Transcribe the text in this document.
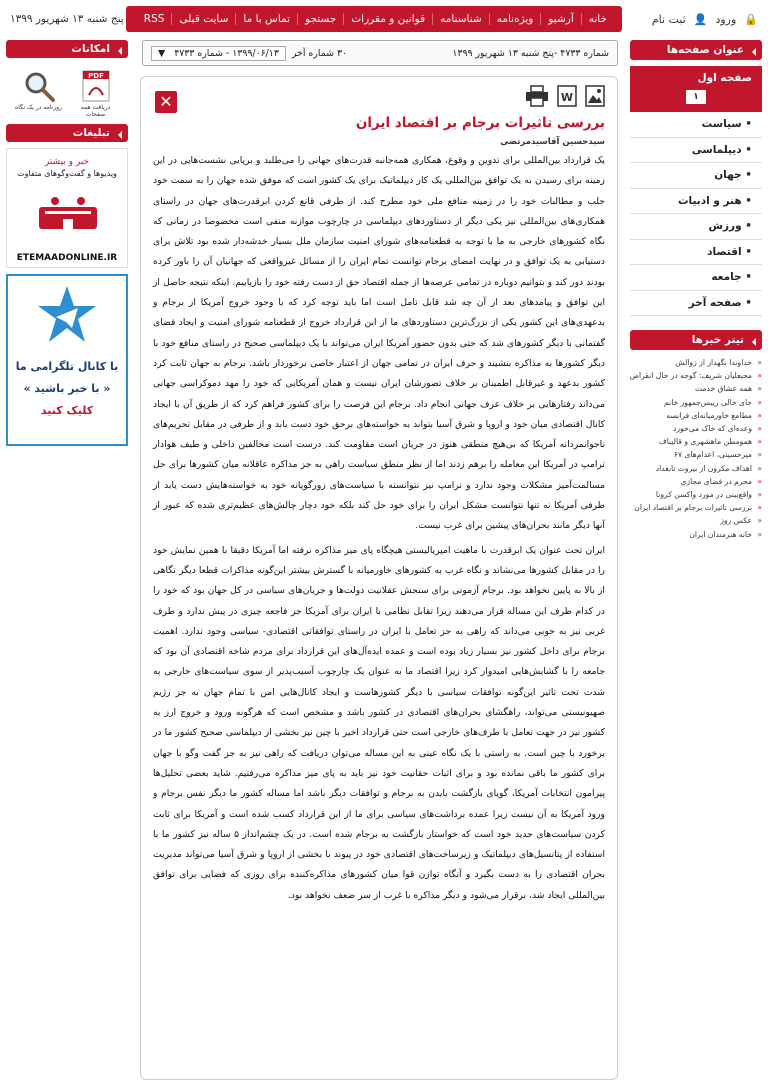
🔒
ورود
👤
ثبت نام
خانه
آرشیو
ویژه‌نامه
شناسنامه
قوانین و مقررات
جستجو
تماس با ما
سایت قبلی
RSS
پنج شنبه ۱۳ شهریور ۱۳۹۹
عنوان صفحه‌ها
صفحه اول
۱
• سیاست
• دیپلماسی
• جهان
• هنر و ادبیات
• ورزش
• اقتصاد
• جامعه
• صفحه آخر
تیتر خبرها
« خداوندا نگهدار از زوالش
« محبعلیان شریف: گوجه در حال انقراض
« همه عشاق خدمت
« جای خالی رییس‌جمهور خانم
« مطامع خاورمیانه‌ای فرانسه
« وعده‌ای که خاک می‌خورد
« همومطن ماهشهری و قالیباف
« میرحسینی، اعدام‌های ۶۷
« اهداف مکرون از بیروت تابغداد
« محرم در فضای مجازی
« واقع‌بینی در مورد واکسن کرونا
« بررسی تاثیرات برجام بر اقتصاد ایران
« عکس روز
« خانه هنرمندان ایران
امکانات
روزنامه در یک نگاه
PDF
دریافت همه صفحات
تبلیغات
خبر و بیشتر
ویدیوها و گفت‌وگوهای متفاوت
ETEMAADONLINE.IR
با کانال تلگرامی ما
« با خبر باشید »
کلیک کنید
شماره ۴۷۳۳ -پنج شنبه ۱۳ شهریور ۱۳۹۹
۳۰ شماره آخر
۱۳۹۹/۰۶/۱۳ - شماره ۴۷۳۳ ▼
✕	W
بررسی تاثیرات برجام بر اقتصاد ایران
سیدحسین آقاسیدمرتضی

یک قرارداد بین‌المللی برای تدوین و وقوع، همکاری همه‌جانبه قدرت‌های جهانی را می‌طلبد و برپایی نشست‌هایی در این زمینه برای رسیدن به یک توافق بین‌المللی یک کار دیپلماتیک برای یک کشور است که موفق شده جهان را به سمت خود جلب و مطالبات خود را در زمینه منافع ملی خود مطرح کند. از طرفی قانع کردن ابرقدرت‌های جهان در راستای همکاری‌های بین‌المللی نیز یکی دیگر از دستاوردهای دیپلماسی در چارچوب موازنه منفی است مخصوصا در زمانی که نگاه کشورهای خارجی به ما با توجه به قطعنامه‌های شورای امنیت سازمان ملل بسیار خدشه‌دار شده بود تلاش برای دستیابی به یک توافق و در نهایت امضای برجام توانست تمام ایران را از مسائل غیرواقعی که جهانیان آن را باور کرده بودند دور کند و بتوانیم دوباره در تمامی عرصه‌ها از جمله اقتصاد حق از دست رفته خود را بازیابیم. اینکه نتیجه حاصل از این توافق و پیامدهای بعد از آن چه شد قابل تامل است اما باید توجه کرد که با وجود خروج آمریکا از برجام و بدعهدی‌های این کشور یکی از بزرگ‌ترین دستاوردهای ما از این قرارداد خروج از قطعنامه شورای امنیت و ایجاد فضای گفتمانی با دیگر کشورهای شد که حتی بدون حضور آمریکا ایران می‌تواند با یک دیپلماسی صحیح در راستای منافع خود با دیگر کشورها به مذاکره بنشیند و حرف ایران در تمامی جهان از اعتبار خاصی برخوردار باشد. برجام به جهان ثابت کرد کشور بدعهد و غیرقابل اطمینان بر خلاف تصورشان ایران نیست و همان آمریکایی که خود را مهد دموکراسی جهانی می‌داند رفتارهایی بر خلاف عرف جهانی انجام داد. برجام این فرصت را برای کشور فراهم کرد که از طریق آن با ایجاد کانال اقتصادی میان خود و اروپا و شرق آسیا بتواند به خواسته‌های برحق خود دست یابد و از طرفی در مقابل تحریم‌های ناجوانمردانه آمریکا که بی‌هیچ منطقی هنوز در جریان است مقاومت کند. درست است مخالفین داخلی و طیف هوادار ترامپ در آمریکا این معامله را برهم زدند اما از نظر منطق سیاست راهی به جز مذاکره عاقلانه میان کشورها برای حل مسالمت‌آمیز مشکلات وجود ندارد و ترامپ نیز نتوانسته با سیاست‌های زورگویانه خود به خواسته‌هایش دست یابد از طرفی آمریکا نه تنها نتوانست مشکل ایران را برای خود حل کند بلکه خود دچار چالش‌های عظیم‌تری شده که عبور از آنها دیگر مانند بحران‌های پیشین برای غرب نیست.

ایران تحت عنوان یک ابرقدرت با ماهیت امپریالیستی هیچگاه پای میز مذاکره نرفته اما آمریکا دقیقا با همین نمایش خود را در مقابل کشورها می‌نشاند و نگاه غرب به کشورهای خاورمیانه با گسترش بیشتر این‌گونه مذاکرات قطعا دیگر نگاهی از بالا به پایین نخواهد بود. برجام آزمونی برای سنجش عقلانیت دولت‌ها و جریان‌های سیاسی در کل جهان بود که خود را در کدام طرف این مساله قرار می‌دهند زیرا تقابل نظامی با ایران برای آمریکا جز فاجعه چیزی در پیش ندارد و طرف غربی نیز به خوبی می‌داند که راهی به جز تعامل با ایران در راستای توافقاتی اقتصادی- سیاسی وجود ندارد. اهمیت برجام برای داخل کشور نیز بسیار زیاد بوده است و عمده ایده‌آل‌های این قرارداد برای مردم شاخه اقتصادی آن بود که جامعه را با گشایش‌هایی امیدوار کرد زیرا اقتصاد ما به عنوان یک چارچوب آسیب‌پذیر از سوی سیاست‌های خارجی به شدت تحت تاثیر این‌گونه توافقات سیاسی با دیگر کشورهاست و ایجاد کانال‌هایی امن با تمام جهان به جز رژیم صهیونیستی می‌تواند، راهگشای بحران‌های اقتصادی در کشور باشد و مشخص است که هرگونه ورود و خروج ارز به کشور نیز در جهت تعامل با طرف‌های خارجی است حتی قرارداد اخیر با چین نیز بخشی از دیپلماسی صحیح کشور ما در برخورد با چین است. به راستی با یک نگاه عینی به این مساله می‌توان دریافت که راهی نیز به جز گفت وگو با جهان برای کشور ما باقی نمانده بود و برای اثبات حقانیت خود نیز باید به پای میز مذاکره می‌رفتیم. شاید بعضی تحلیل‌ها پیرامون انتخابات آمریکا، گویای بازگشت بایدن به برجام و توافقات دیگر باشد اما مساله کشور ما دیگر نفس برجام و ورود آمریکا به آن نیست زیرا عمده برداشت‌های سیاسی برای ما از این قرارداد کسب شده است و آمریکا برای ثابت کردن سیاست‌های جدید خود است که خواستار بازگشت به برجام شده است. در یک چشم‌انداز ۵ ساله نیز کشور ما با استفاده از پتانسیل‌های دیپلماتیک و زیرساخت‌های اقتصادی خود در پیوند با بخشی از اروپا و شرق آسیا می‌تواند مدیریت بحران اقتصادی را به دست بگیرد و آنگاه توازن قوا میان کشورهای مذاکره‌کننده برای روزی که فضایی برای توافق بین‌المللی ایجاد شد، برقرار می‌شود و دیگر مذاکره با غرب از سر ضعف نخواهد بود.
